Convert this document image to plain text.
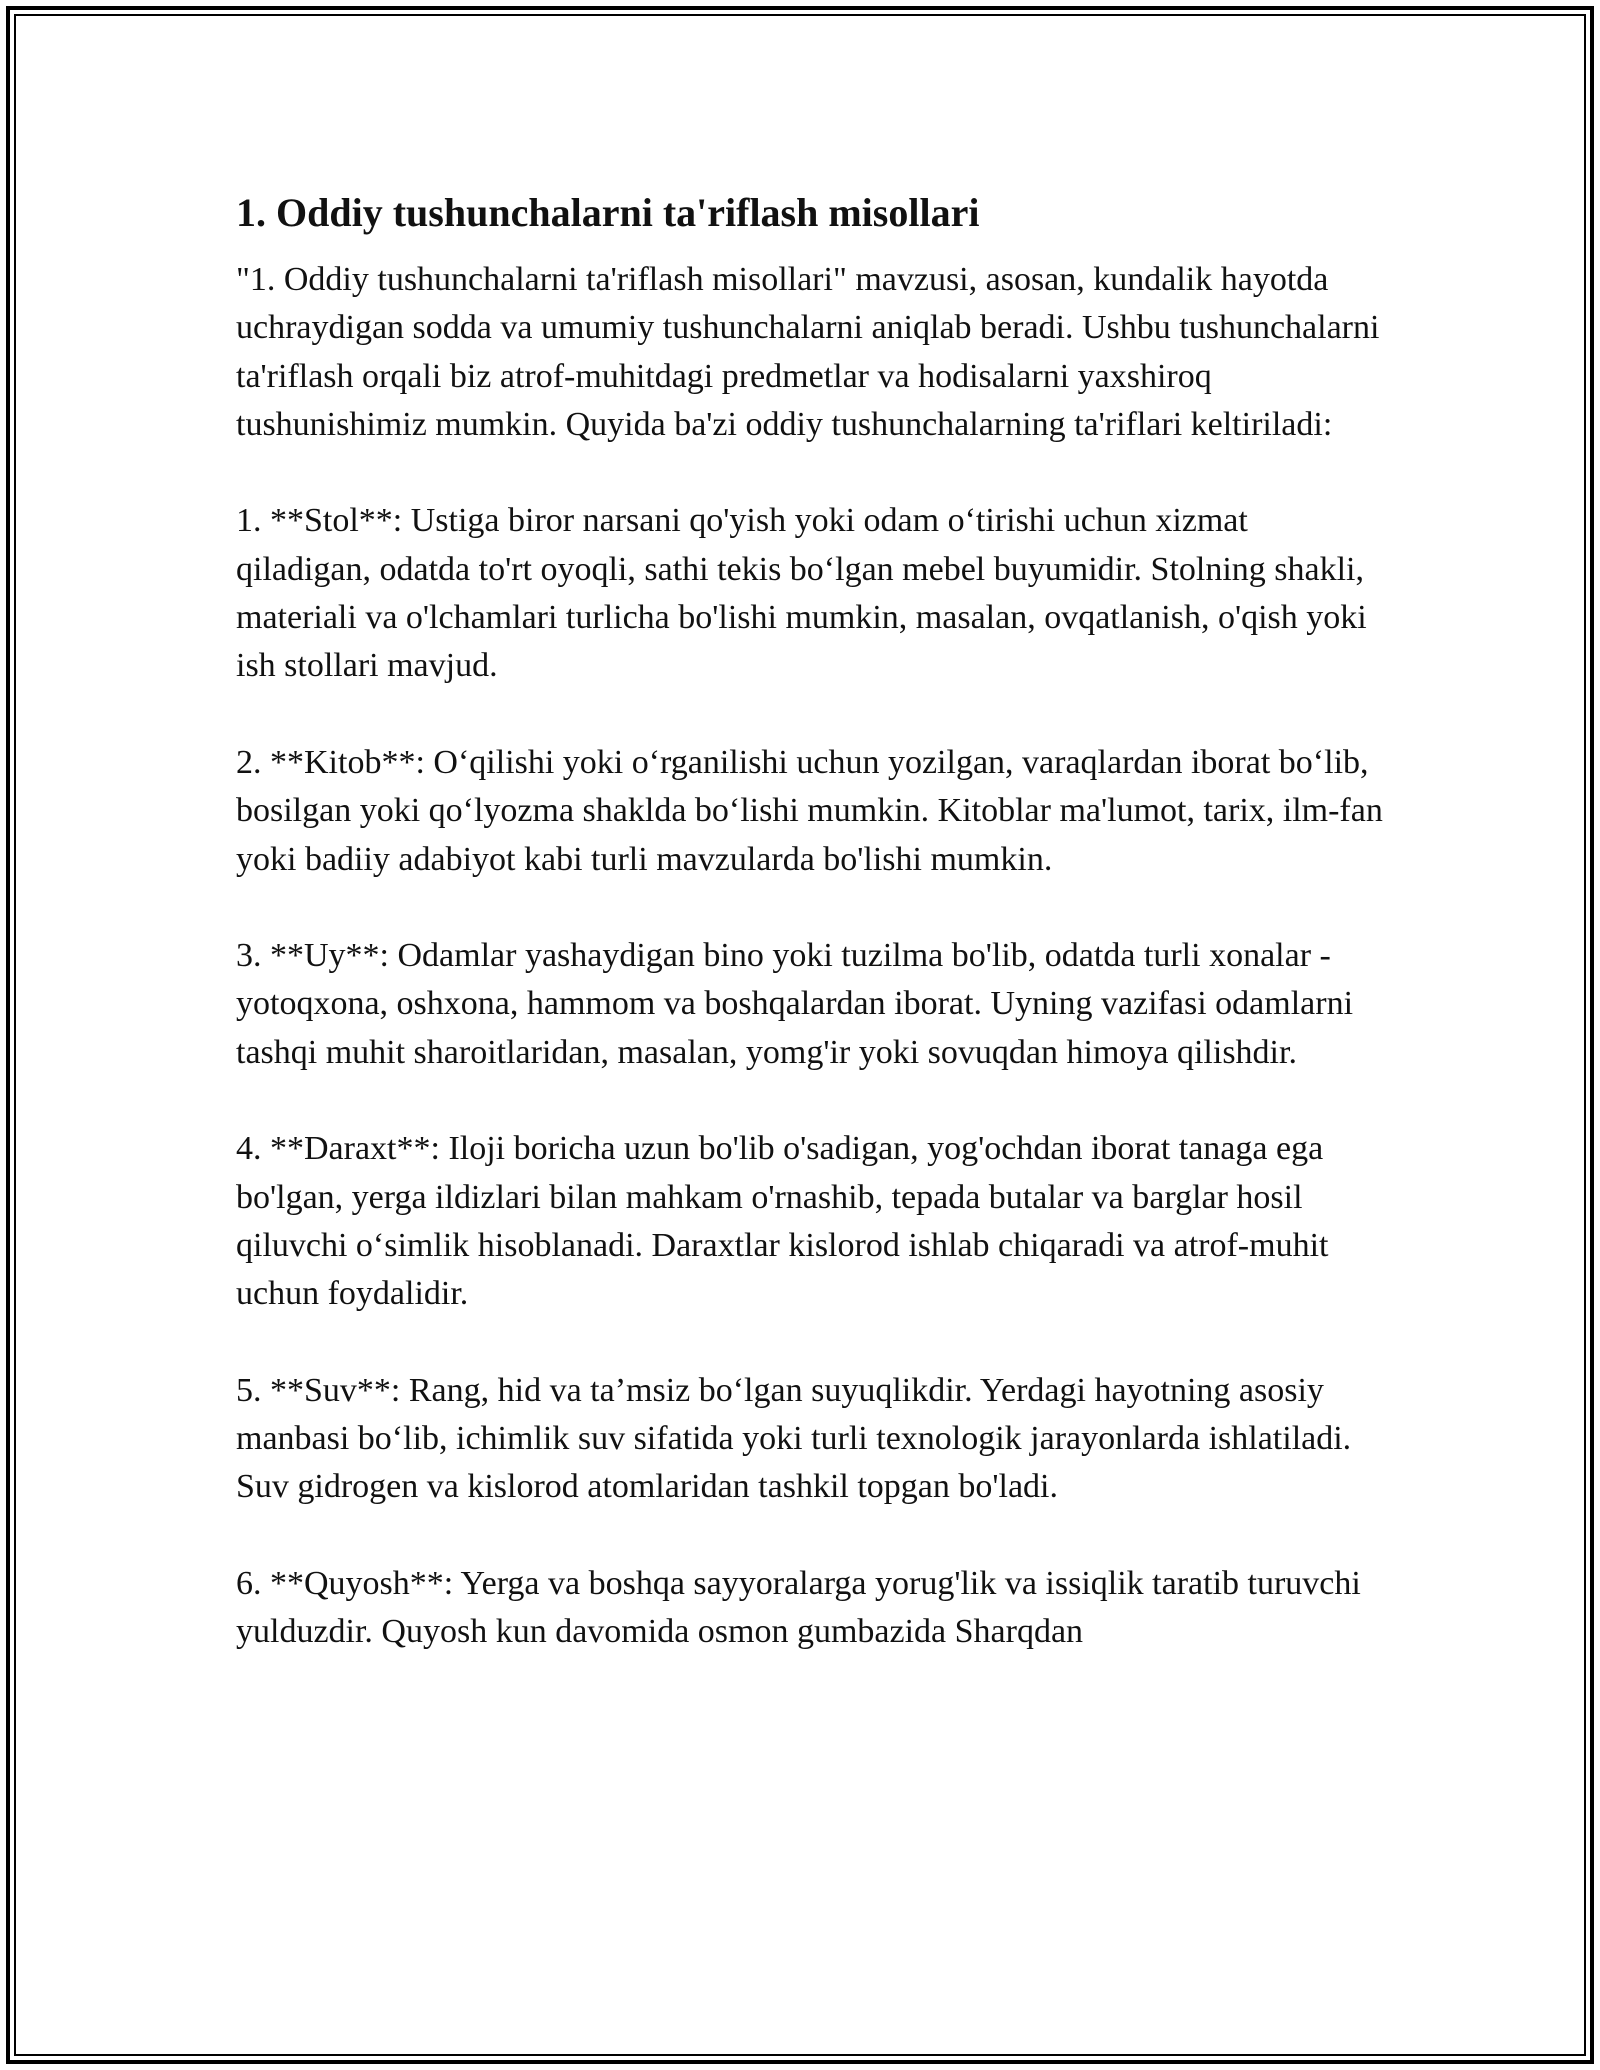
1. Oddiy tushunchalarni ta'riflash misollari

"1. Oddiy tushunchalarni ta'riflash misollari" mavzusi, asosan, kundalik hayotda uchraydigan sodda va umumiy tushunchalarni aniqlab beradi. Ushbu tushunchalarni ta'riflash orqali biz atrof-muhitdagi predmetlar va hodisalarni yaxshiroq tushunishimiz mumkin. Quyida ba'zi oddiy tushunchalarning ta'riflari keltiriladi:

1. **Stol**: Ustiga biror narsani qo'yish yoki odam o‘tirishi uchun xizmat qiladigan, odatda to'rt oyoqli, sathi tekis bo‘lgan mebel buyumidir. Stolning shakli, materiali va o'lchamlari turlicha bo'lishi mumkin, masalan, ovqatlanish, o'qish yoki ish stollari mavjud.

2. **Kitob**: O‘qilishi yoki o‘rganilishi uchun yozilgan, varaqlardan iborat bo‘lib, bosilgan yoki qo‘lyozma shaklda bo‘lishi mumkin. Kitoblar ma'lumot, tarix, ilm-fan yoki badiiy adabiyot kabi turli mavzularda bo'lishi mumkin.

3. **Uy**: Odamlar yashaydigan bino yoki tuzilma bo'lib, odatda turli xonalar - yotoqxona, oshxona, hammom va boshqalardan iborat. Uyning vazifasi odamlarni tashqi muhit sharoitlaridan, masalan, yomg'ir yoki sovuqdan himoya qilishdir.

4. **Daraxt**: Iloji boricha uzun bo'lib o'sadigan, yog'ochdan iborat tanaga ega bo'lgan, yerga ildizlari bilan mahkam o'rnashib, tepada butalar va barglar hosil qiluvchi o‘simlik hisoblanadi. Daraxtlar kislorod ishlab chiqaradi va atrof-muhit uchun foydalidir.

5. **Suv**: Rang, hid va ta’msiz bo‘lgan suyuqlikdir. Yerdagi hayotning asosiy manbasi bo‘lib, ichimlik suv sifatida yoki turli texnologik jarayonlarda ishlatiladi. Suv gidrogen va kislorod atomlaridan tashkil topgan bo'ladi.

6. **Quyosh**: Yerga va boshqa sayyoralarga yorug'lik va issiqlik taratib turuvchi yulduzdir. Quyosh kun davomida osmon gumbazida Sharqdan
